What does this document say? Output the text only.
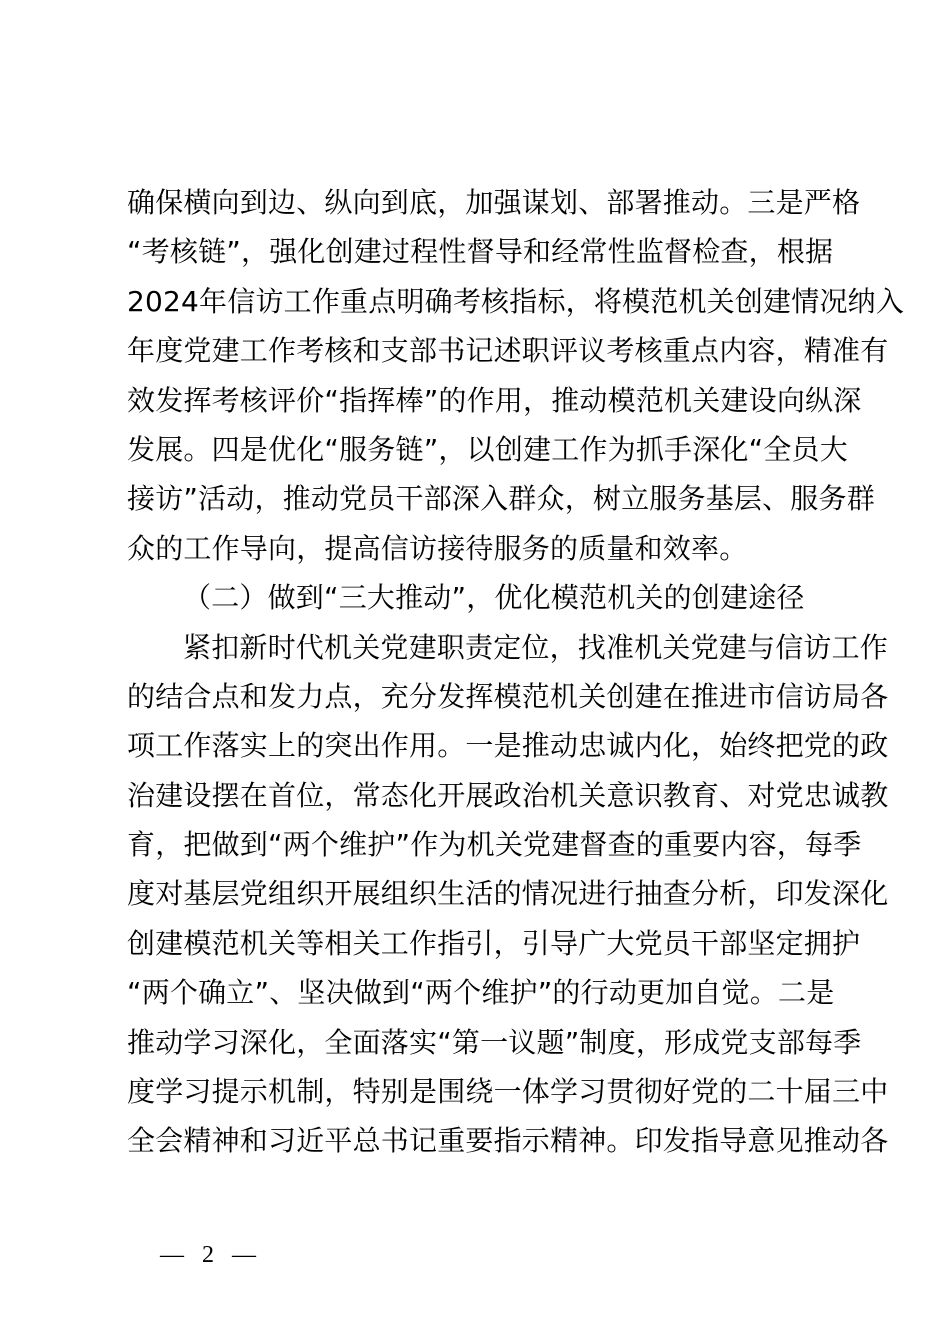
确保横向到边、纵向到底，加强谋划、部署推动。三是严格
“考核链”，强化创建过程性督导和经常性监督检查，根据
2024年信访工作重点明确考核指标，将模范机关创建情况纳入
年度党建工作考核和支部书记述职评议考核重点内容，精准有
效发挥考核评价“指挥棒”的作用，推动模范机关建设向纵深
发展。四是优化“服务链”，以创建工作为抓手深化“全员大
接访”活动，推动党员干部深入群众，树立服务基层、服务群
众的工作导向，提高信访接待服务的质量和效率。
（二）做到“三大推动”，优化模范机关的创建途径
紧扣新时代机关党建职责定位，找准机关党建与信访工作
的结合点和发力点，充分发挥模范机关创建在推进市信访局各
项工作落实上的突出作用。一是推动忠诚内化，始终把党的政
治建设摆在首位，常态化开展政治机关意识教育、对党忠诚教
育，把做到“两个维护”作为机关党建督查的重要内容，每季
度对基层党组织开展组织生活的情况进行抽查分析，印发深化
创建模范机关等相关工作指引，引导广大党员干部坚定拥护
“两个确立”、坚决做到“两个维护”的行动更加自觉。二是
推动学习深化，全面落实“第一议题”制度，形成党支部每季
度学习提示机制，特别是围绕一体学习贯彻好党的二十届三中
全会精神和习近平总书记重要指示精神。印发指导意见推动各
— 2 —
